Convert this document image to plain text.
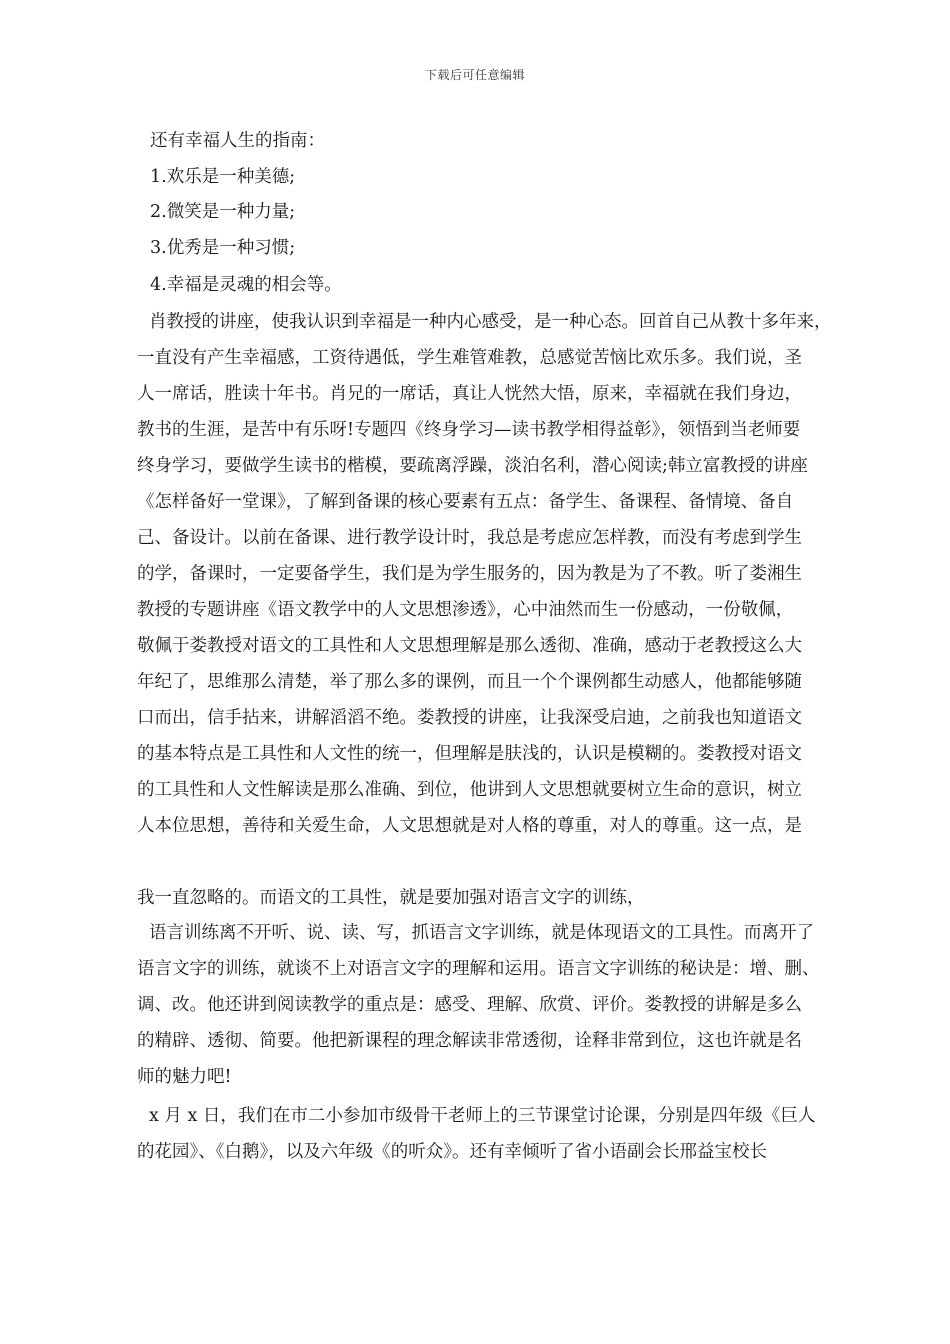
下载后可任意编辑
还有幸福人生的指南：
1.欢乐是一种美德;
2.微笑是一种力量;
3.优秀是一种习惯;
4.幸福是灵魂的相会等。
肖教授的讲座，使我认识到幸福是一种内心感受，是一种心态。回首自己从教十多年来，
一直没有产生幸福感，工资待遇低，学生难管难教，总感觉苦恼比欢乐多。我们说，圣
人一席话，胜读十年书。肖兄的一席话，真让人恍然大悟，原来，幸福就在我们身边，
教书的生涯，是苦中有乐呀!专题四《终身学习—读书教学相得益彰》，领悟到当老师要
终身学习，要做学生读书的楷模，要疏离浮躁，淡泊名利，潜心阅读;韩立富教授的讲座
《怎样备好一堂课》，了解到备课的核心要素有五点：备学生、备课程、备情境、备自
己、备设计。以前在备课、进行教学设计时，我总是考虑应怎样教，而没有考虑到学生
的学，备课时，一定要备学生，我们是为学生服务的，因为教是为了不教。听了娄湘生
教授的专题讲座《语文教学中的人文思想渗透》，心中油然而生一份感动，一份敬佩，
敬佩于娄教授对语文的工具性和人文思想理解是那么透彻、准确，感动于老教授这么大
年纪了，思维那么清楚，举了那么多的课例，而且一个个课例都生动感人，他都能够随
口而出，信手拈来，讲解滔滔不绝。娄教授的讲座，让我深受启迪，之前我也知道语文
的基本特点是工具性和人文性的统一，但理解是肤浅的，认识是模糊的。娄教授对语文
的工具性和人文性解读是那么准确、到位，他讲到人文思想就要树立生命的意识，树立
人本位思想，善待和关爱生命，人文思想就是对人格的尊重，对人的尊重。这一点，是
我一直忽略的。而语文的工具性，就是要加强对语言文字的训练，
语言训练离不开听、说、读、写，抓语言文字训练，就是体现语文的工具性。而离开了
语言文字的训练，就谈不上对语言文字的理解和运用。语言文字训练的秘诀是：增、删、
调、改。他还讲到阅读教学的重点是：感受、理解、欣赏、评价。娄教授的讲解是多么
的精辟、透彻、简要。他把新课程的理念解读非常透彻，诠释非常到位，这也许就是名
师的魅力吧!
x 月 x 日，我们在市二小参加市级骨干老师上的三节课堂讨论课，分别是四年级《巨人
的花园》、《白鹅》，以及六年级《的听众》。还有幸倾听了省小语副会长邢益宝校长
